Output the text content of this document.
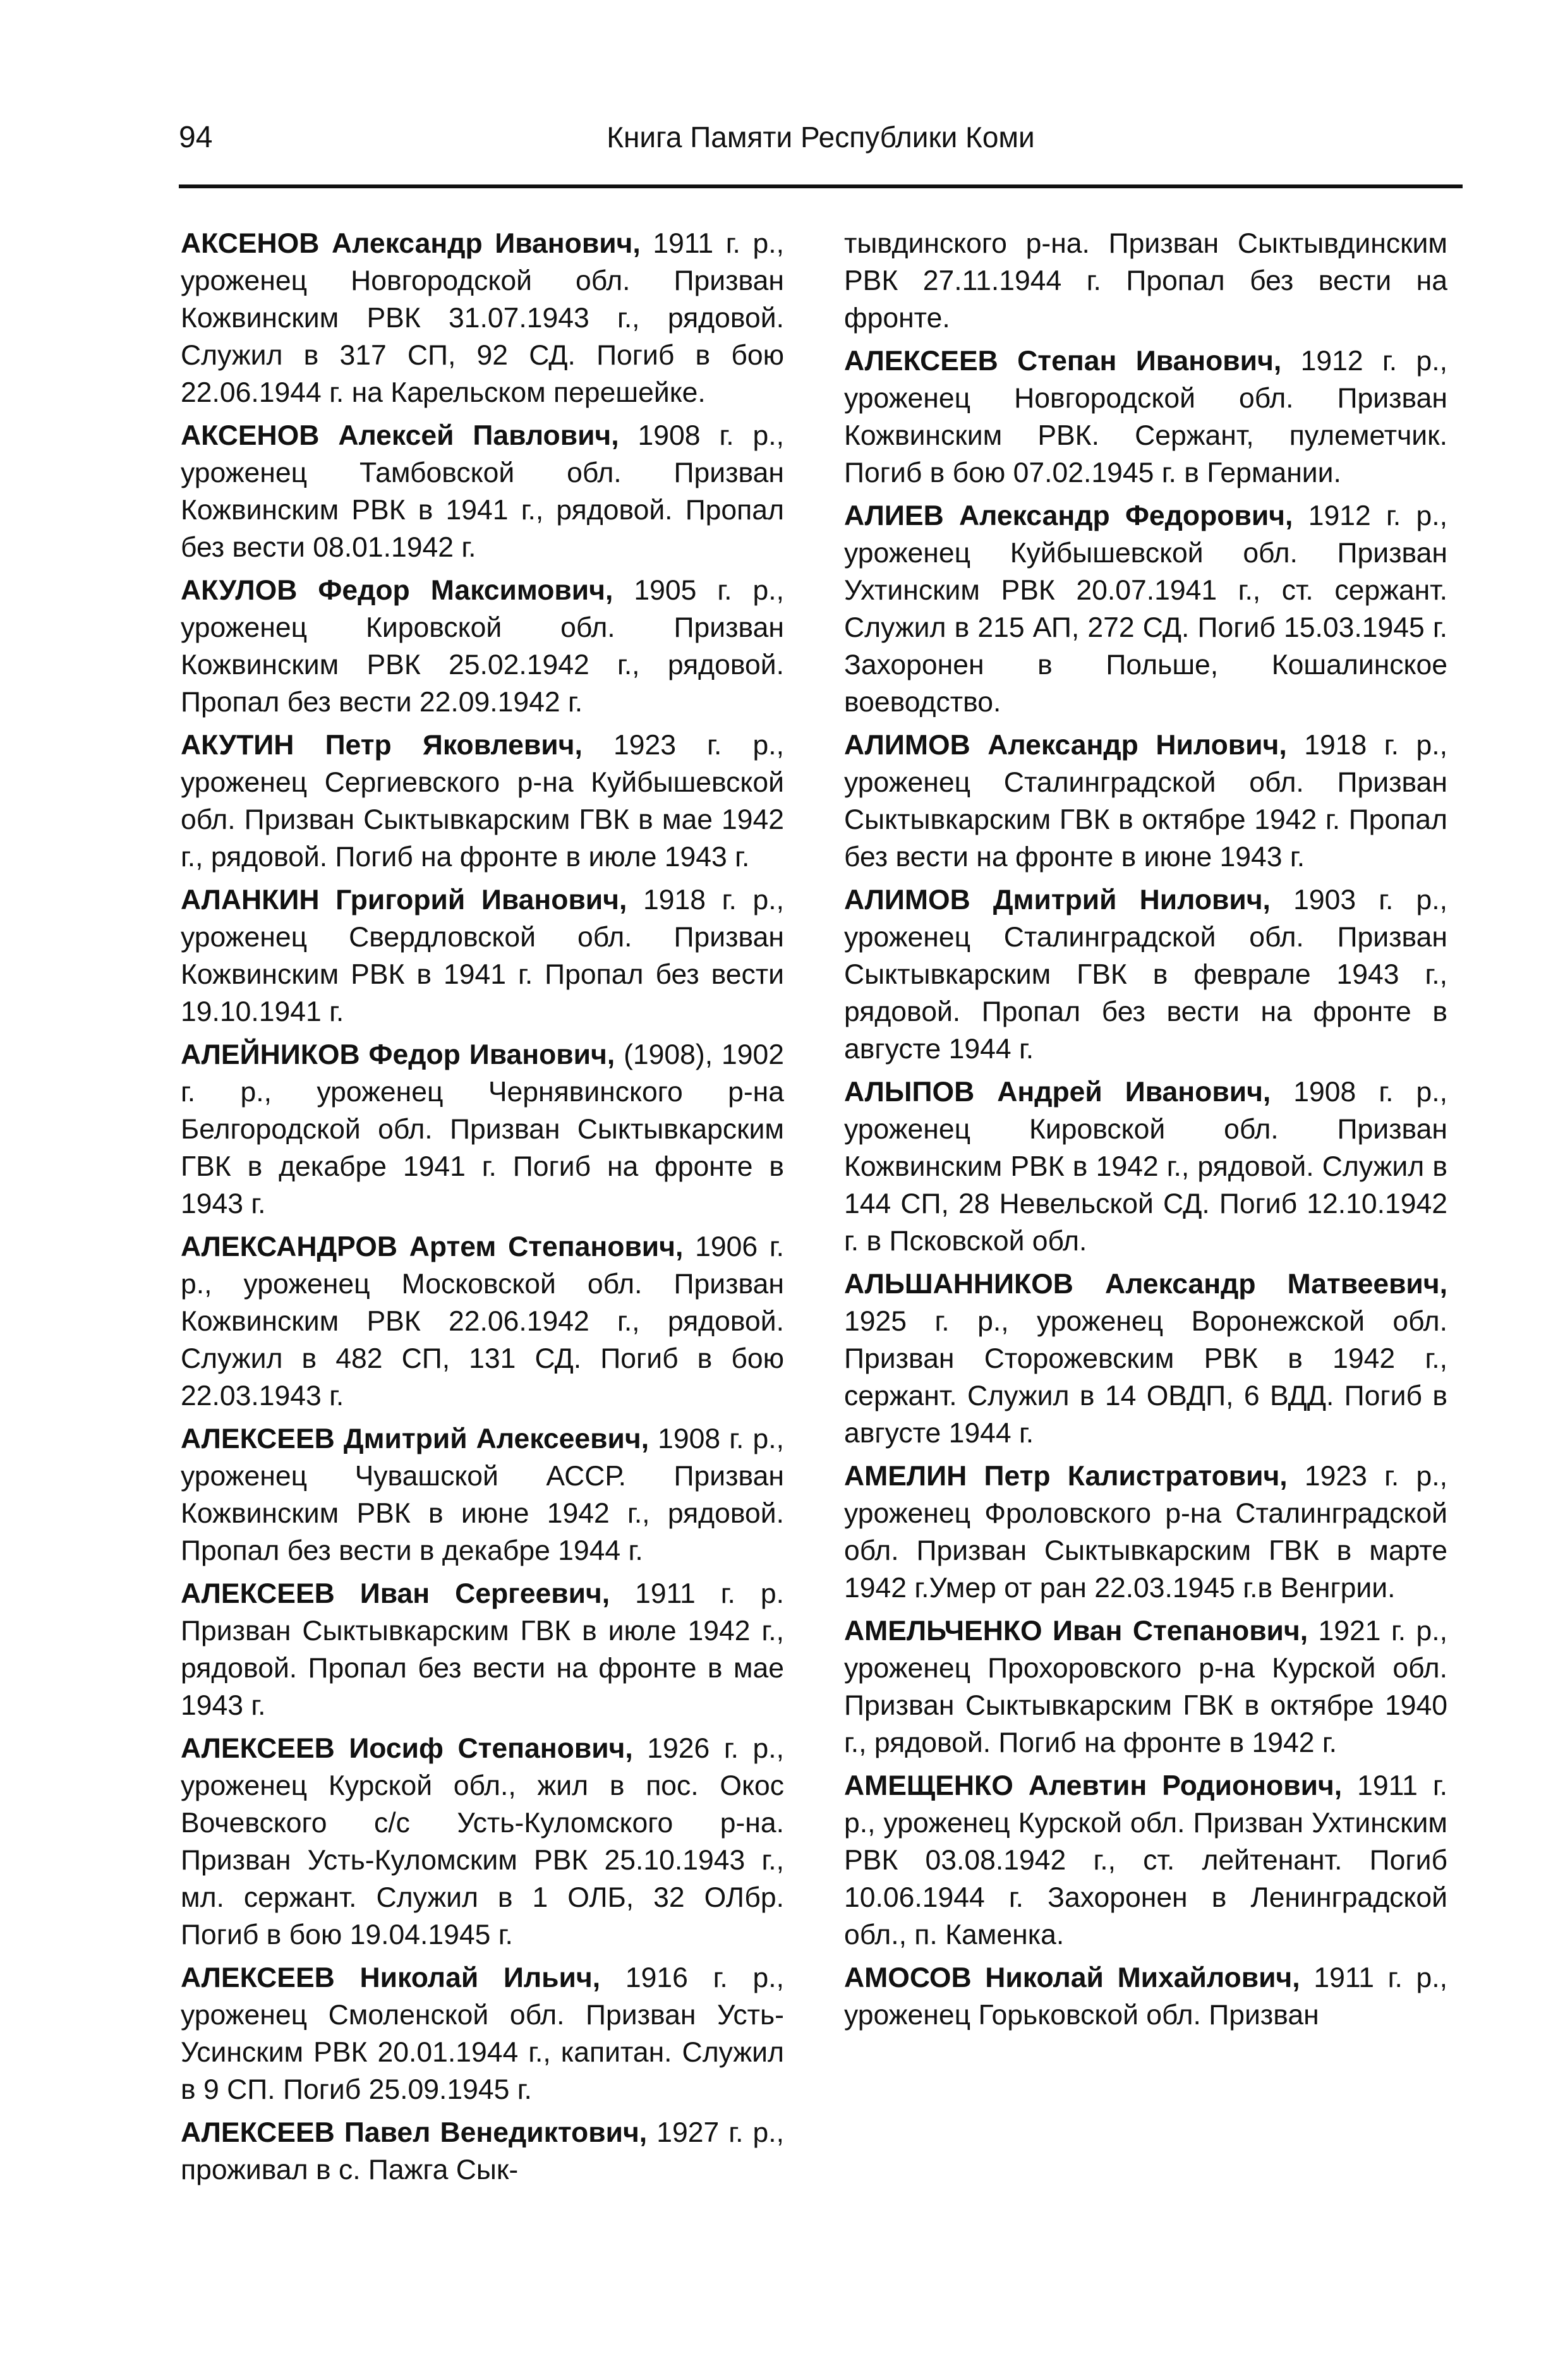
94	Книга Памяти Республики Коми

АКСЕНОВ Александр Иванович, 1911 г. р., уроженец Новгородской обл. Призван Кожвинским РВК 31.07.1943 г., рядовой. Служил в 317 СП, 92 СД. Погиб в бою 22.06.1944 г. на Карельском перешейке.

АКСЕНОВ Алексей Павлович, 1908 г. р., уроженец Тамбовской обл. Призван Кожвинским РВК в 1941 г., рядовой. Пропал без вести 08.01.1942 г.

АКУЛОВ Федор Максимович, 1905 г. р., уроженец Кировской обл. Призван Кожвинским РВК 25.02.1942 г., рядовой. Пропал без вести 22.09.1942 г.

АКУТИН Петр Яковлевич, 1923 г. р., уроженец Сергиевского р-на Куйбышевской обл. Призван Сыктывкарским ГВК в мае 1942 г., рядовой. Погиб на фронте в июле 1943 г.

АЛАНКИН Григорий Иванович, 1918 г. р., уроженец Свердловской обл. Призван Кожвинским РВК в 1941 г. Пропал без вести 19.10.1941 г.

АЛЕЙНИКОВ Федор Иванович, (1908), 1902 г. р., уроженец Чернявинского р-на Белгородской обл. Призван Сыктывкарским ГВК в декабре 1941 г. Погиб на фронте в 1943 г.

АЛЕКСАНДРОВ Артем Степанович, 1906 г. р., уроженец Московской обл. Призван Кожвинским РВК 22.06.1942 г., рядовой. Служил в 482 СП, 131 СД. Погиб в бою 22.03.1943 г.

АЛЕКСЕЕВ Дмитрий Алексеевич, 1908 г. р., уроженец Чувашской АССР. Призван Кожвинским РВК в июне 1942 г., рядовой. Пропал без вести в декабре 1944 г.

АЛЕКСЕЕВ Иван Сергеевич, 1911 г. р. Призван Сыктывкарским ГВК в июле 1942 г., рядовой. Пропал без вести на фронте в мае 1943 г.

АЛЕКСЕЕВ Иосиф Степанович, 1926 г. р., уроженец Курской обл., жил в пос. Окос Вочевского с/с Усть-Куломского р-на. Призван Усть-Куломским РВК 25.10.1943 г., мл. сержант. Служил в 1 ОЛБ, 32 ОЛбр. Погиб в бою 19.04.1945 г.

АЛЕКСЕЕВ Николай Ильич, 1916 г. р., уроженец Смоленской обл. Призван Усть-Усинским РВК 20.01.1944 г., капитан. Служил в 9 СП. Погиб 25.09.1945 г.

АЛЕКСЕЕВ Павел Венедиктович, 1927 г. р., проживал в с. Пажга Сык-

тывдинского р-на. Призван Сыктывдинским РВК 27.11.1944 г. Пропал без вести на фронте.

АЛЕКСЕЕВ Степан Иванович, 1912 г. р., уроженец Новгородской обл. Призван Кожвинским РВК. Сержант, пулеметчик. Погиб в бою 07.02.1945 г. в Германии.

АЛИЕВ Александр Федорович, 1912 г. р., уроженец Куйбышевской обл. Призван Ухтинским РВК 20.07.1941 г., ст. сержант. Служил в 215 АП, 272 СД. Погиб 15.03.1945 г. Захоронен в Польше, Кошалинское воеводство.

АЛИМОВ Александр Нилович, 1918 г. р., уроженец Сталинградской обл. Призван Сыктывкарским ГВК в октябре 1942 г. Пропал без вести на фронте в июне 1943 г.

АЛИМОВ Дмитрий Нилович, 1903 г. р., уроженец Сталинградской обл. Призван Сыктывкарским ГВК в феврале 1943 г., рядовой. Пропал без вести на фронте в августе 1944 г.

АЛЫПОВ Андрей Иванович, 1908 г. р., уроженец Кировской обл. Призван Кожвинским РВК в 1942 г., рядовой. Служил в 144 СП, 28 Невельской СД. Погиб 12.10.1942 г. в Псковской обл.

АЛЬШАННИКОВ Александр Матвеевич, 1925 г. р., уроженец Воронежской обл. Призван Сторожевским РВК в 1942 г., сержант. Служил в 14 ОВДП, 6 ВДД. Погиб в августе 1944 г.

АМЕЛИН Петр Калистратович, 1923 г. р., уроженец Фроловского р-на Сталинградской обл. Призван Сыктывкарским ГВК в марте 1942 г.Умер от ран 22.03.1945 г.в Венгрии.

АМЕЛЬЧЕНКО Иван Степанович, 1921 г. р., уроженец Прохоровского р-на Курской обл. Призван Сыктывкарским ГВК в октябре 1940 г., рядовой. Погиб на фронте в 1942 г.

АМЕЩЕНКО Алевтин Родионович, 1911 г. р., уроженец Курской обл. Призван Ухтинским РВК 03.08.1942 г., ст. лейтенант. Погиб 10.06.1944 г. Захоронен в Ленинградской обл., п. Каменка.

АМОСОВ Николай Михайлович, 1911 г. р., уроженец Горьковской обл. Призван
